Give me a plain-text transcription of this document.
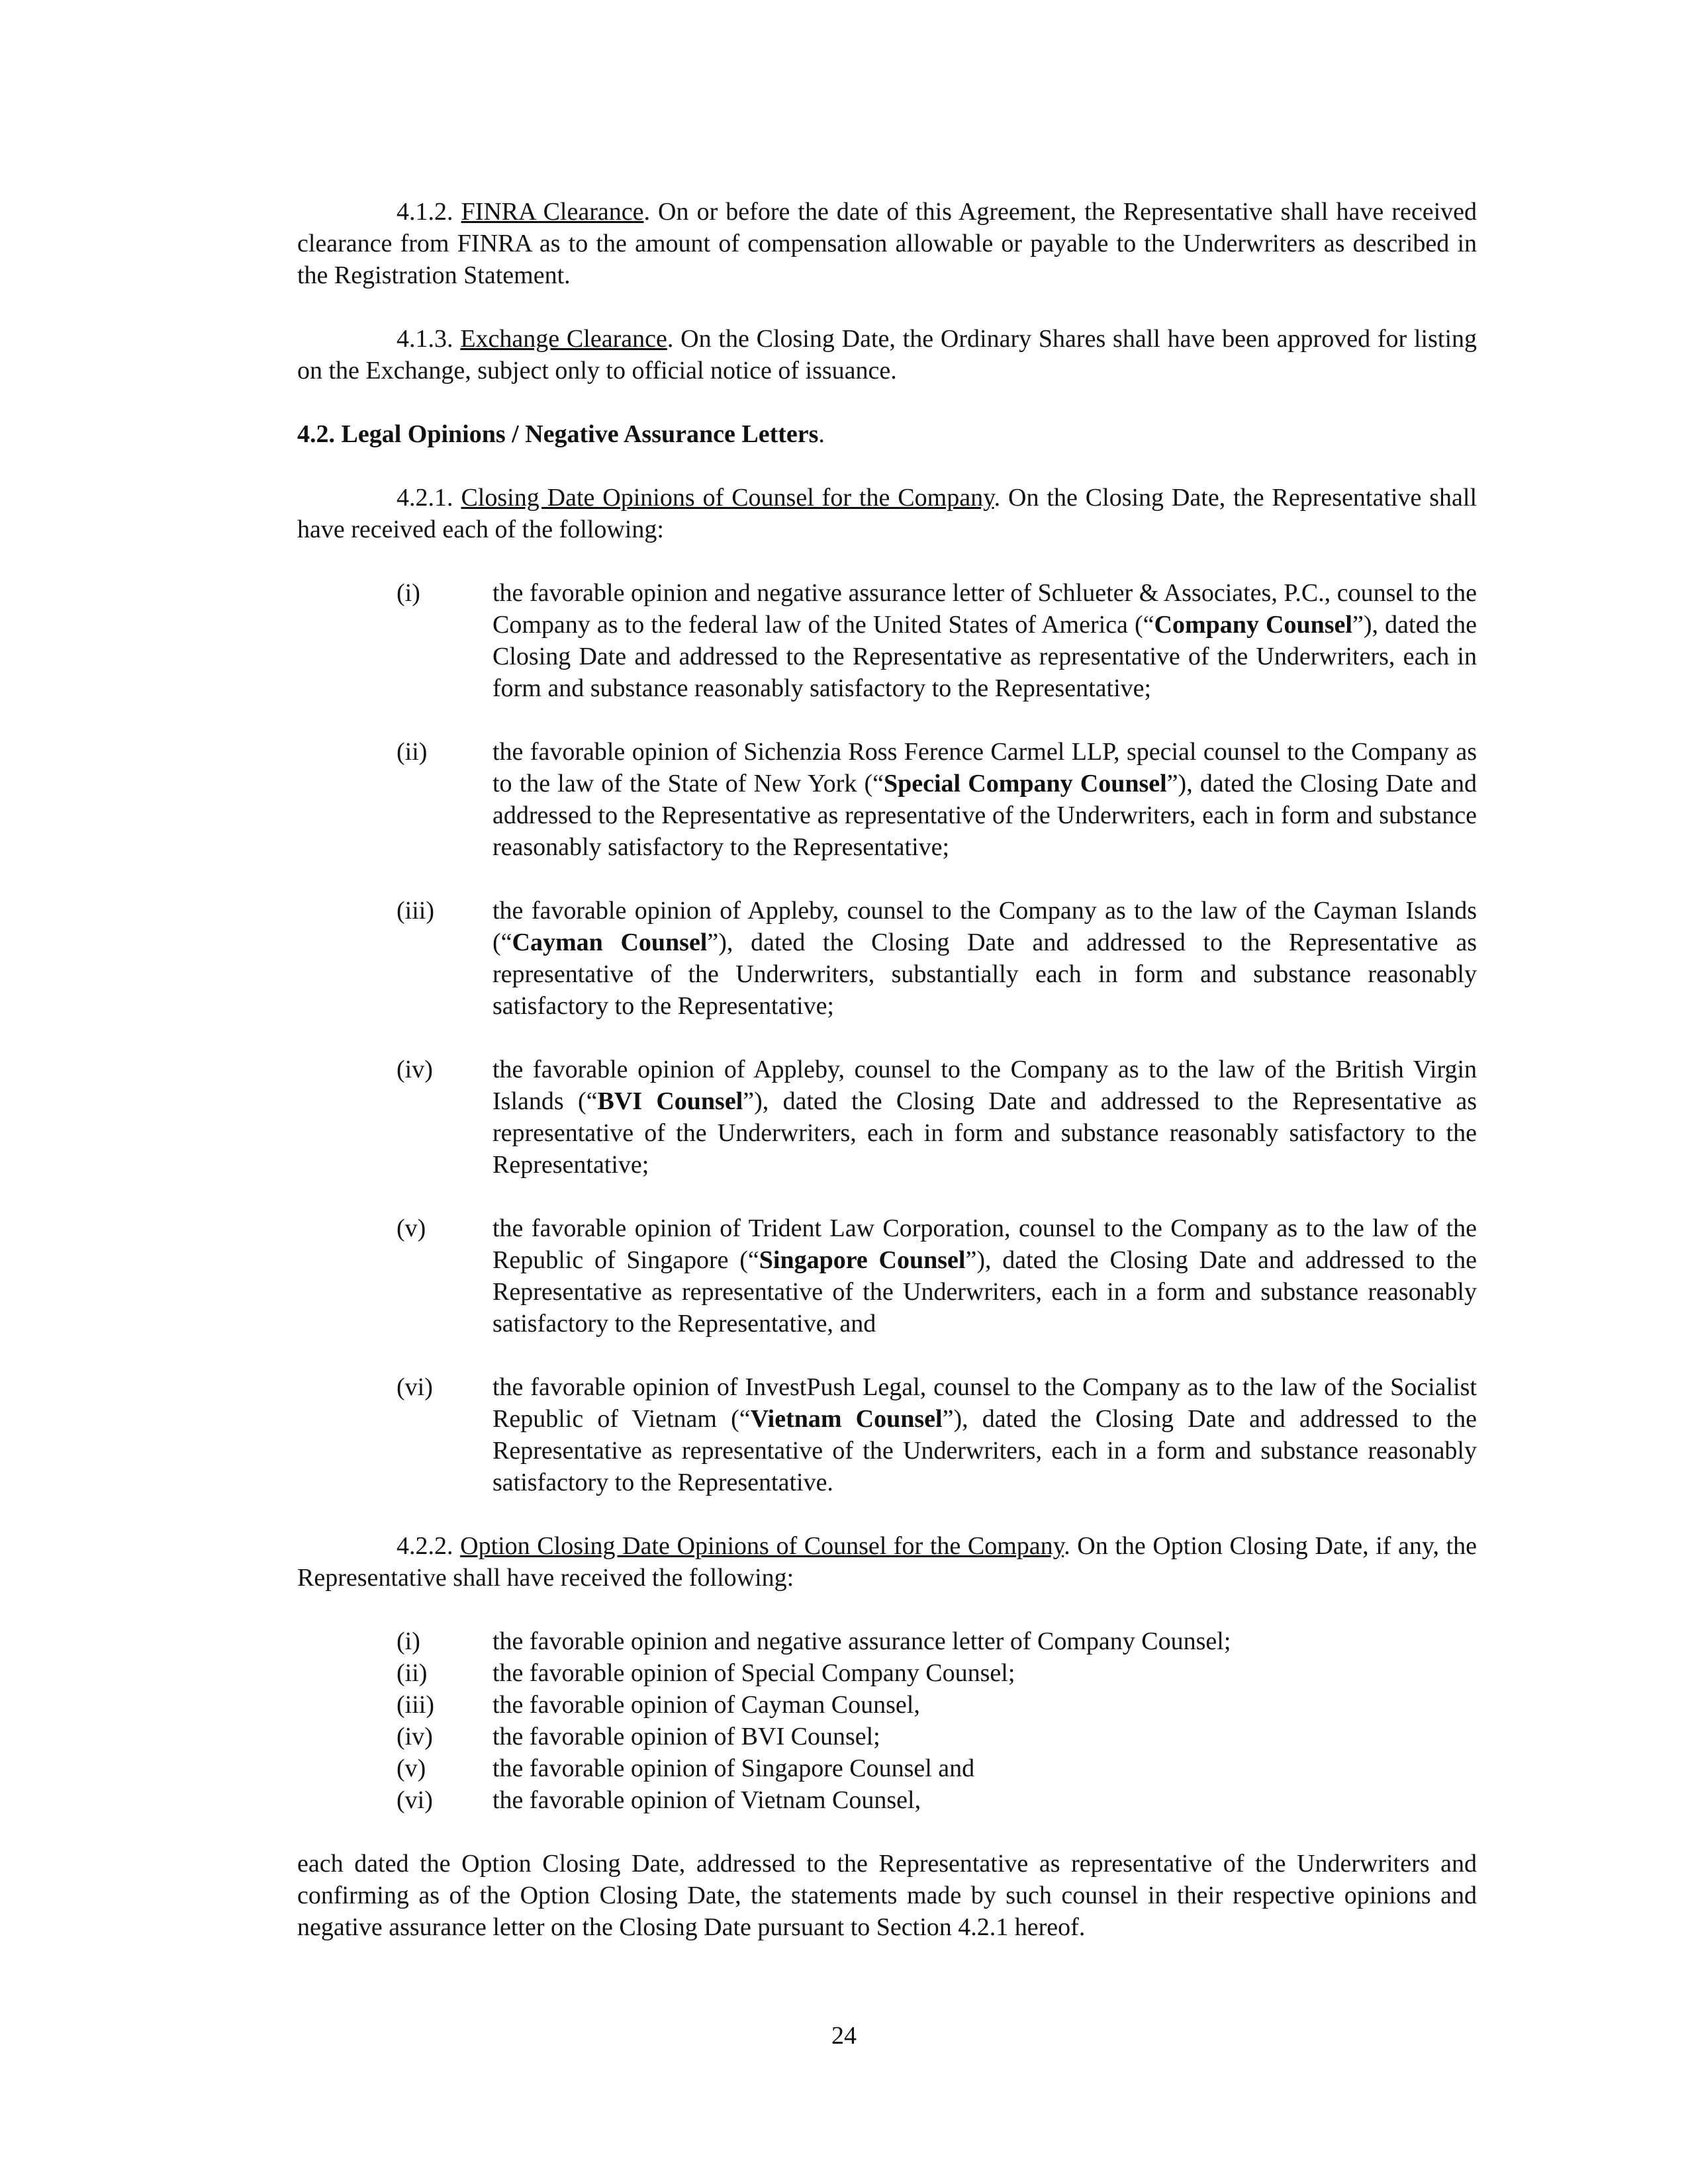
4.1.2. FINRA Clearance. On or before the date of this Agreement, the Representative shall have received clearance from FINRA as to the amount of compensation allowable or payable to the Underwriters as described in the Registration Statement.

4.1.3. Exchange Clearance. On the Closing Date, the Ordinary Shares shall have been approved for listing on the Exchange, subject only to official notice of issuance.

4.2. Legal Opinions / Negative Assurance Letters.

4.2.1. Closing Date Opinions of Counsel for the Company. On the Closing Date, the Representative shall have received each of the following:

(i)	the favorable opinion and negative assurance letter of Schlueter & Associates, P.C., counsel to the Company as to the federal law of the United States of America (“Company Counsel”), dated the Closing Date and addressed to the Representative as representative of the Underwriters, each in form and substance reasonably satisfactory to the Representative;
(ii)	the favorable opinion of Sichenzia Ross Ference Carmel LLP, special counsel to the Company as to the law of the State of New York (“Special Company Counsel”), dated the Closing Date and addressed to the Representative as representative of the Underwriters, each in form and substance reasonably satisfactory to the Representative;
(iii) the favorable opinion of Appleby, counsel to the Company as to the law of the Cayman Islands (“Cayman Counsel”), dated the Closing Date and addressed to the Representative as representative of the Underwriters, substantially each in form and substance reasonably satisfactory to the Representative;
(iv) the favorable opinion of Appleby, counsel to the Company as to the law of the British Virgin Islands (“BVI Counsel”), dated the Closing Date and addressed to the Representative as representative of the Underwriters, each in form and substance reasonably satisfactory to the Representative;
(v)	the favorable opinion of Trident Law Corporation, counsel to the Company as to the law of the Republic of Singapore (“Singapore Counsel”), dated the Closing Date and addressed to the Representative as representative of the Underwriters, each in a form and substance reasonably satisfactory to the Representative, and
(vi) the favorable opinion of InvestPush Legal, counsel to the Company as to the law of the Socialist Republic of Vietnam (“Vietnam Counsel”), dated the Closing Date and addressed to the Representative as representative of the Underwriters, each in a form and substance reasonably satisfactory to the Representative.

4.2.2. Option Closing Date Opinions of Counsel for the Company. On the Option Closing Date, if any, the Representative shall have received the following:

(i)	the favorable opinion and negative assurance letter of Company Counsel;
(ii)	the favorable opinion of Special Company Counsel;
(iii) the favorable opinion of Cayman Counsel,
(iv) the favorable opinion of BVI Counsel;
(v)	the favorable opinion of Singapore Counsel and
(vi) the favorable opinion of Vietnam Counsel,

each dated the Option Closing Date, addressed to the Representative as representative of the Underwriters and confirming as of the Option Closing Date, the statements made by such counsel in their respective opinions and negative assurance letter on the Closing Date pursuant to Section 4.2.1 hereof.

24
